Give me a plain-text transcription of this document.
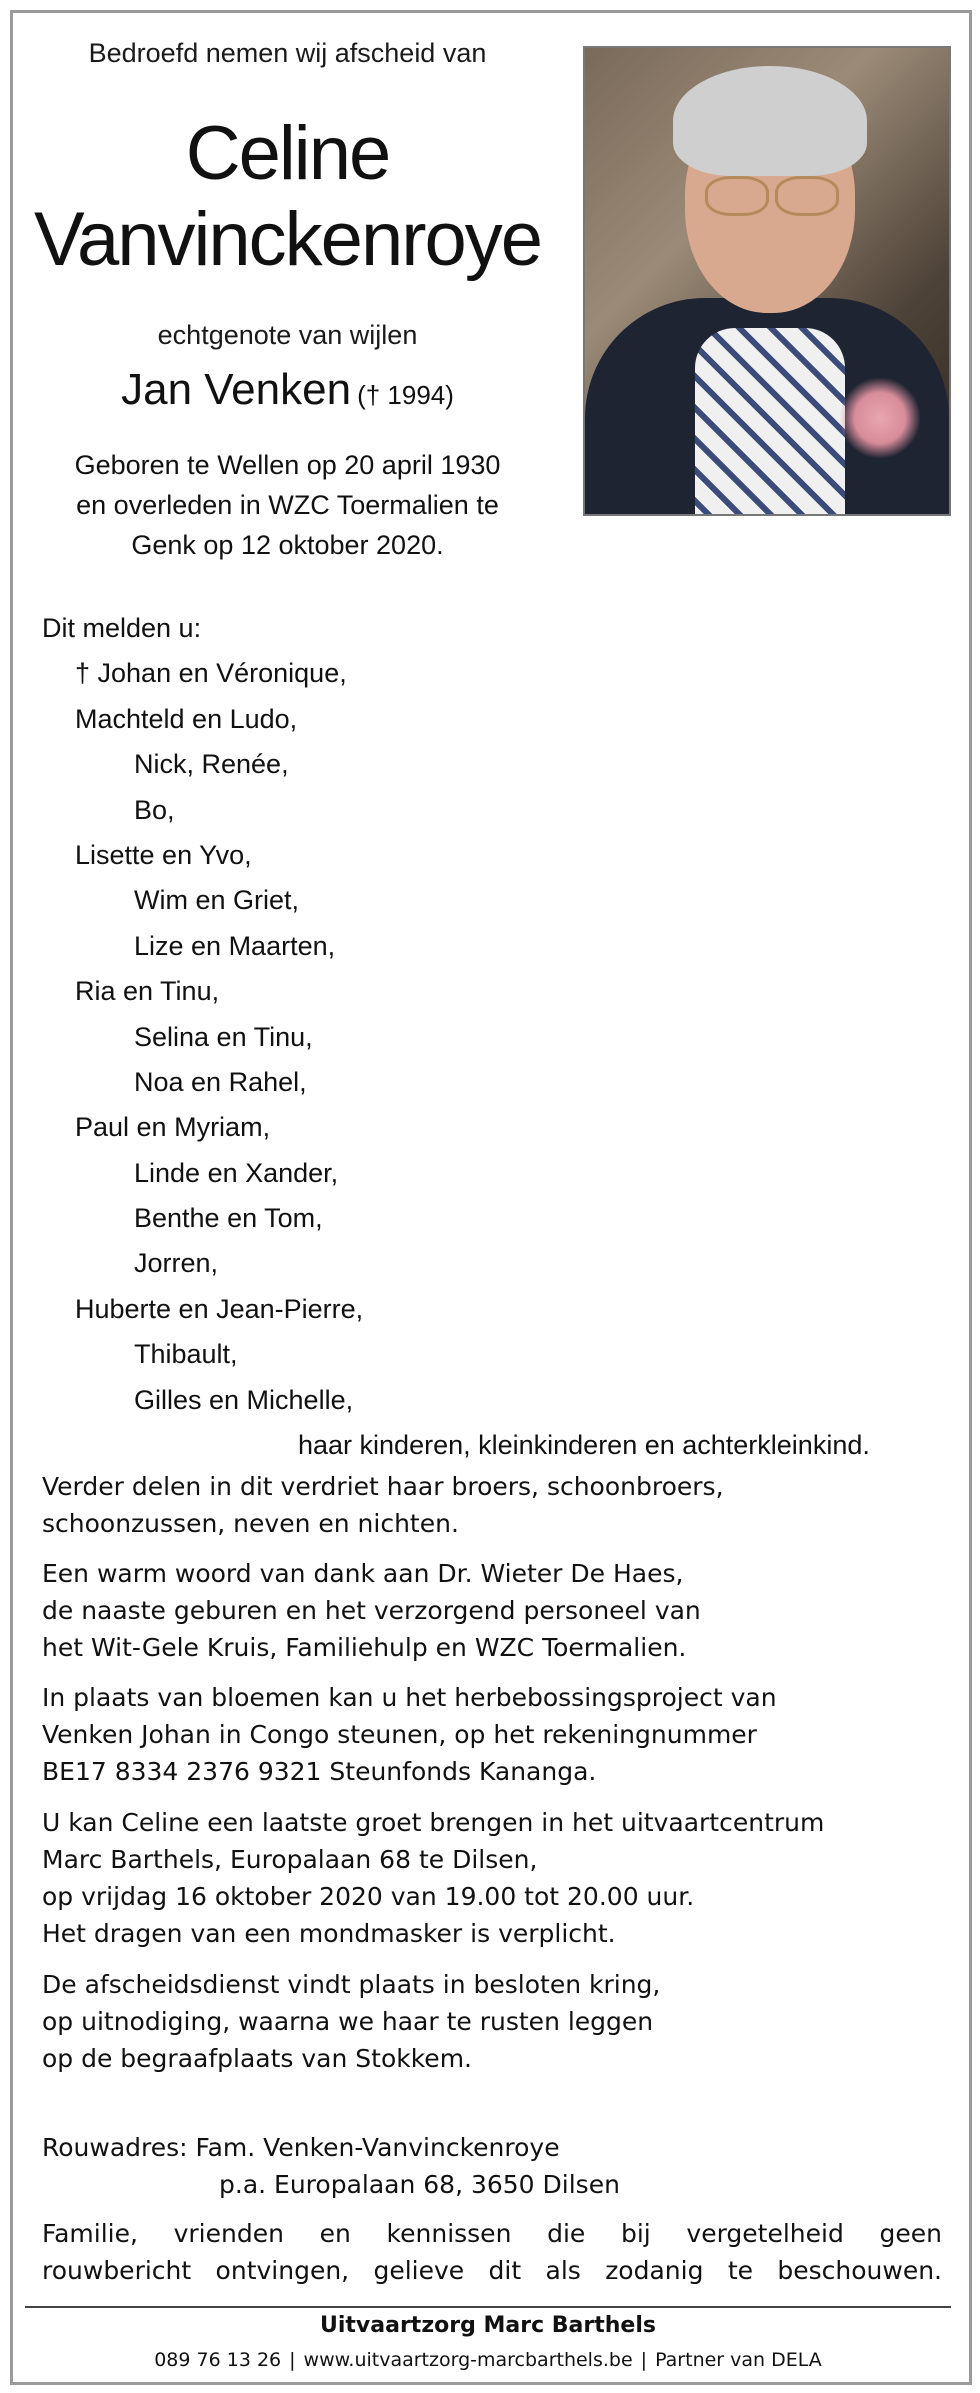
Bedroefd nemen wij afscheid van
Celine
Vanvinckenroye
echtgenote van wijlen
Jan Venken († 1994)
Geboren te Wellen op 20 april 1930
en overleden in WZC Toermalien te
Genk op 12 oktober 2020.
Dit melden u:
† Johan en Véronique,
Machteld en Ludo,
Nick, Renée,
Bo,
Lisette en Yvo,
Wim en Griet,
Lize en Maarten,
Ria en Tinu,
Selina en Tinu,
Noa en Rahel,
Paul en Myriam,
Linde en Xander,
Benthe en Tom,
Jorren,
Huberte en Jean-Pierre,
Thibault,
Gilles en Michelle,
haar kinderen, kleinkinderen en achterkleinkind.
Verder delen in dit verdriet haar broers, schoonbroers,
schoonzussen, neven en nichten.
Een warm woord van dank aan Dr. Wieter De Haes,
de naaste geburen en het verzorgend personeel van
het Wit-Gele Kruis, Familiehulp en WZC Toermalien.
In plaats van bloemen kan u het herbebossingsproject van
Venken Johan in Congo steunen, op het rekeningnummer
BE17 8334 2376 9321 Steunfonds Kananga.
U kan Celine een laatste groet brengen in het uitvaartcentrum
Marc Barthels, Europalaan 68 te Dilsen,
op vrijdag 16 oktober 2020 van 19.00 tot 20.00 uur.
Het dragen van een mondmasker is verplicht.
De afscheidsdienst vindt plaats in besloten kring,
op uitnodiging, waarna we haar te rusten leggen
op de begraafplaats van Stokkem.
Rouwadres: Fam. Venken-Vanvinckenroye
p.a. Europalaan 68, 3650 Dilsen
Familie, vrienden en kennissen die bij vergetelheid geen
rouwbericht ontvingen, gelieve dit als zodanig te beschouwen.
Uitvaartzorg Marc Barthels
089 76 13 26 | www.uitvaartzorg-marcbarthels.be | Partner van DELA
